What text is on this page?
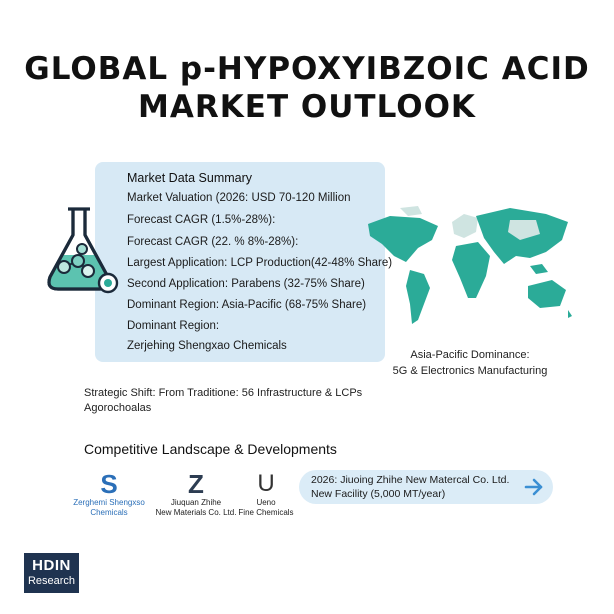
GLOBAL p-HYPOXYIBZOIC ACID
MARKET OUTLOOK
Market Data Summary
Market Valuation (2026: USD 70-120 Million
Forecast CAGR (1.5%-28%):
Forecast CAGR (22. % 8%-28%):
Largest Application: LCP Production(42-48% Share)
Second Application: Parabens (32-75% Share)
Dominant Region: Asia-Pacific (68-75% Share)
Dominant Region:
Zerjehing Shengxao Chemicals
Asia-Pacific Dominance:
5G & Electronics Manufacturing
Strategic Shift: From Traditione: 56 Infrastructure & LCPs
Agorochoalas
Competitive Landscape & Developments
S
Zerghemi Shengxso
Chemicals
Z
Jiuquan Zhihe
New Materials Co. Ltd.
U
Ueno
Fine Chemicals
2026: Jiuoing Zhihe New Matercal Co. Ltd.
New Facility (5,000 MT/year)
HDIN
Research
